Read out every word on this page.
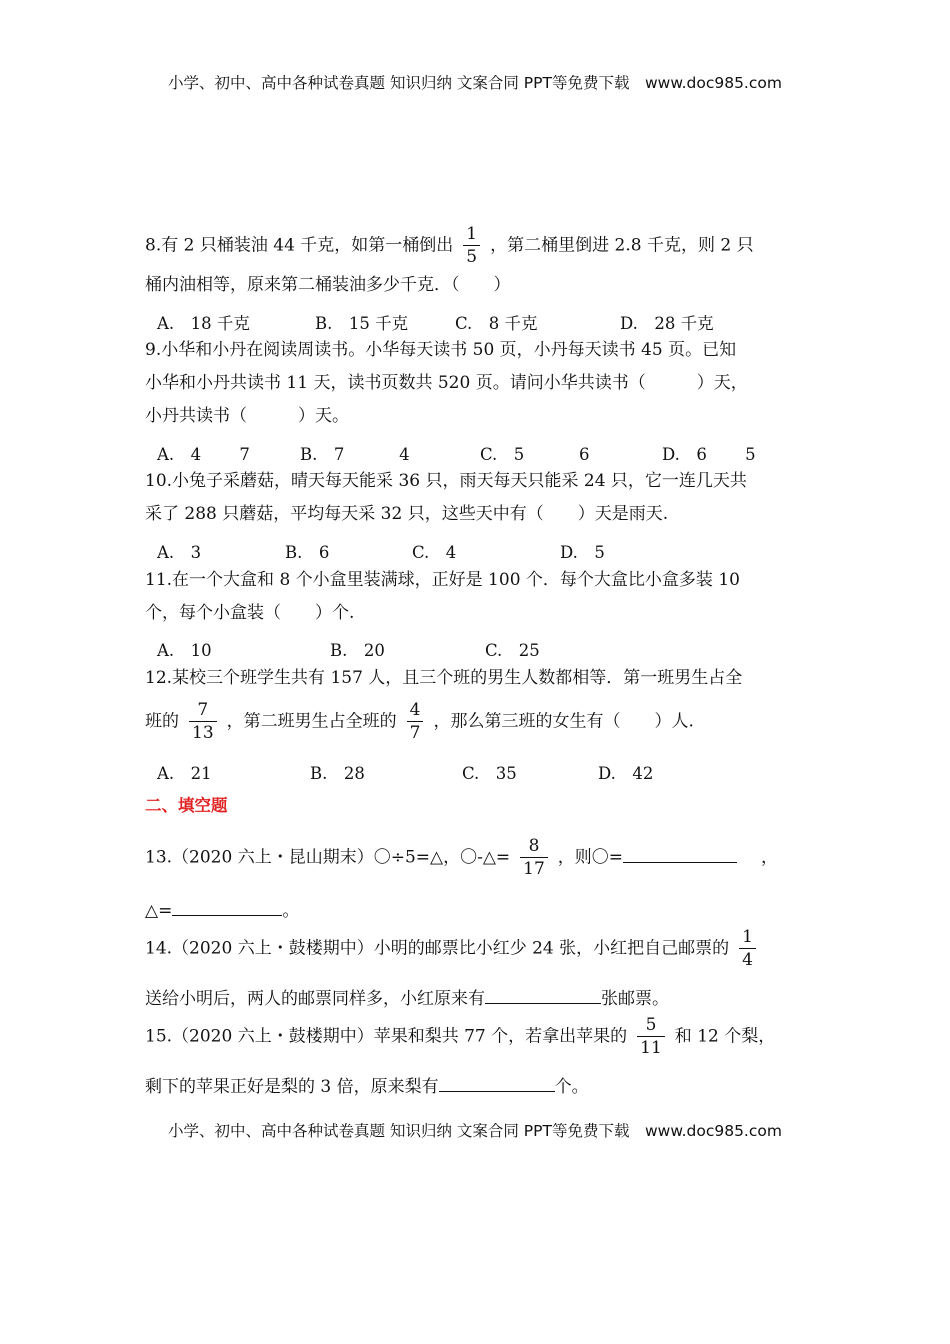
小学、初中、高中各种试卷真题 知识归纳 文案合同 PPT等免费下载　www.doc985.com
8.有 2 只桶装油 44 千克，如第一桶倒出 $\frac{1}{5}$ ，第二桶里倒进 2.8 千克，则 2 只
桶内油相等，原来第二桶装油多少千克．（　　）
A.　18 千克	B.　15 千克	C.　8 千克	D.　28 千克
9.小华和小丹在阅读周读书。小华每天读书 50 页，小丹每天读书 45 页。已知
小华和小丹共读书 11 天，读书页数共 520 页。请问小华共读书（　　　）天，
小丹共读书（　　　）天。
A.　4　　 7	B.　7　　　 4	C.　5　　　 6	D.　6　　 5
10.小兔子采蘑菇，晴天每天能采 36 只，雨天每天只能采 24 只，它一连几天共
采了 288 只蘑菇，平均每天采 32 只，这些天中有（　　）天是雨天.
A.　3	B.　6	C.　4	D.　5
11.在一个大盒和 8 个小盒里装满球，正好是 100 个．每个大盒比小盒多装 10
个，每个小盒装（　　）个.
A.　10	B.　20	C.　25
12.某校三个班学生共有 157 人，且三个班的男生人数都相等．第一班男生占全
班的 $\frac{7}{13}$ ，第二班男生占全班的 $\frac{4}{7}$ ，那么第三班的女生有（　　）人.
A.　21	B.　28	C.　35	D.　42
二、填空题
13.（2020 六上・昆山期末）〇÷5=△，〇-△= $\frac{8}{17}$ ，则〇=	，
△=	。
14.（2020 六上・鼓楼期中）小明的邮票比小红少 24 张，小红把自己邮票的 $\frac{1}{4}$
送给小明后，两人的邮票同样多，小红原来有	张邮票。
15.（2020 六上・鼓楼期中）苹果和梨共 77 个，若拿出苹果的 $\frac{5}{11}$ 和 12 个梨，
剩下的苹果正好是梨的 3 倍，原来梨有	个。
小学、初中、高中各种试卷真题 知识归纳 文案合同 PPT等免费下载　www.doc985.com
